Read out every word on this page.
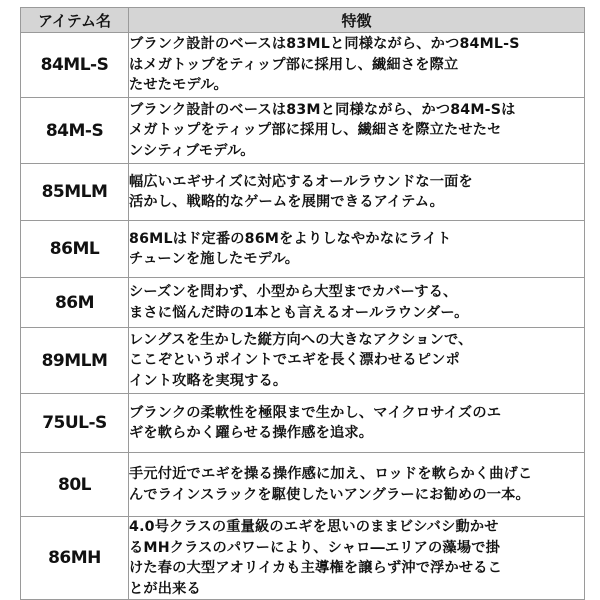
アイテム名	特徴
84ML-S	ブランク設計のベースは83MLと同様ながら、かつ84ML-S
はメガトップをティップ部に採用し、繊細さを際立
たせたモデル。

84M-S	ブランク設計のベースは83Mと同様ながら、かつ84M-Sは
メガトップをティップ部に採用し、繊細さを際立たせたセ
ンシティブモデル。

85MLM	幅広いエギサイズに対応するオールラウンドな一面を
活かし、戦略的なゲームを展開できるアイテム。

86ML	86MLはド定番の86Mをよりしなやかなにライト
チューンを施したモデル。

86M	シーズンを問わず、小型から大型までカバーする、
まさに悩んだ時の1本とも言えるオールラウンダー。

89MLM	レングスを生かした縦方向への大きなアクションで、
ここぞというポイントでエギを長く漂わせるピンポ
イント攻略を実現する。

75UL-S	ブランクの柔軟性を極限まで生かし、マイクロサイズのエ
ギを軟らかく躍らせる操作感を追求。

80L	手元付近でエギを操る操作感に加え、ロッドを軟らかく曲げこ
んでラインスラックを駆使したいアングラーにお勧めの一本。

86MH	4.0号クラスの重量級のエギを思いのままビシバシ動かせ
るMHクラスのパワーにより、シャロ―エリアの藻場で掛
けた春の大型アオリイカも主導権を譲らず沖で浮かせるこ
とが出来る
